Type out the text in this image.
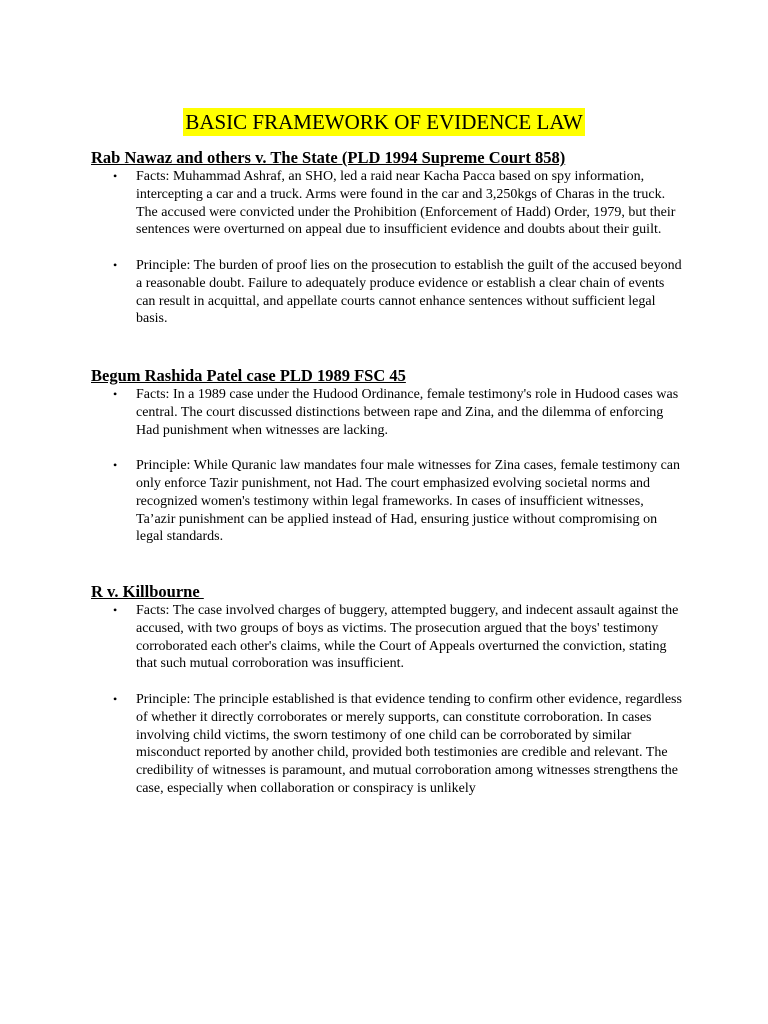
BASIC FRAMEWORK OF EVIDENCE LAW
Rab Nawaz and others v. The State (PLD 1994 Supreme Court 858)
• Facts: Muhammad Ashraf, an SHO, led a raid near Kacha Pacca based on spy information, intercepting a car and a truck. Arms were found in the car and 3,250kgs of Charas in the truck. The accused were convicted under the Prohibition (Enforcement of Hadd) Order, 1979, but their sentences were overturned on appeal due to insufficient evidence and doubts about their guilt.
• Principle: The burden of proof lies on the prosecution to establish the guilt of the accused beyond a reasonable doubt. Failure to adequately produce evidence or establish a clear chain of events can result in acquittal, and appellate courts cannot enhance sentences without sufficient legal basis.
Begum Rashida Patel case PLD 1989 FSC 45
• Facts: In a 1989 case under the Hudood Ordinance, female testimony's role in Hudood cases was central. The court discussed distinctions between rape and Zina, and the dilemma of enforcing Had punishment when witnesses are lacking.
• Principle: While Quranic law mandates four male witnesses for Zina cases, female testimony can only enforce Tazir punishment, not Had. The court emphasized evolving societal norms and recognized women's testimony within legal frameworks. In cases of insufficient witnesses, Ta’azir punishment can be applied instead of Had, ensuring justice without compromising on legal standards.
R v. Killbourne
• Facts: The case involved charges of buggery, attempted buggery, and indecent assault against the accused, with two groups of boys as victims. The prosecution argued that the boys' testimony corroborated each other's claims, while the Court of Appeals overturned the conviction, stating that such mutual corroboration was insufficient.
• Principle: The principle established is that evidence tending to confirm other evidence, regardless of whether it directly corroborates or merely supports, can constitute corroboration. In cases involving child victims, the sworn testimony of one child can be corroborated by similar misconduct reported by another child, provided both testimonies are credible and relevant. The credibility of witnesses is paramount, and mutual corroboration among witnesses strengthens the case, especially when collaboration or conspiracy is unlikely
